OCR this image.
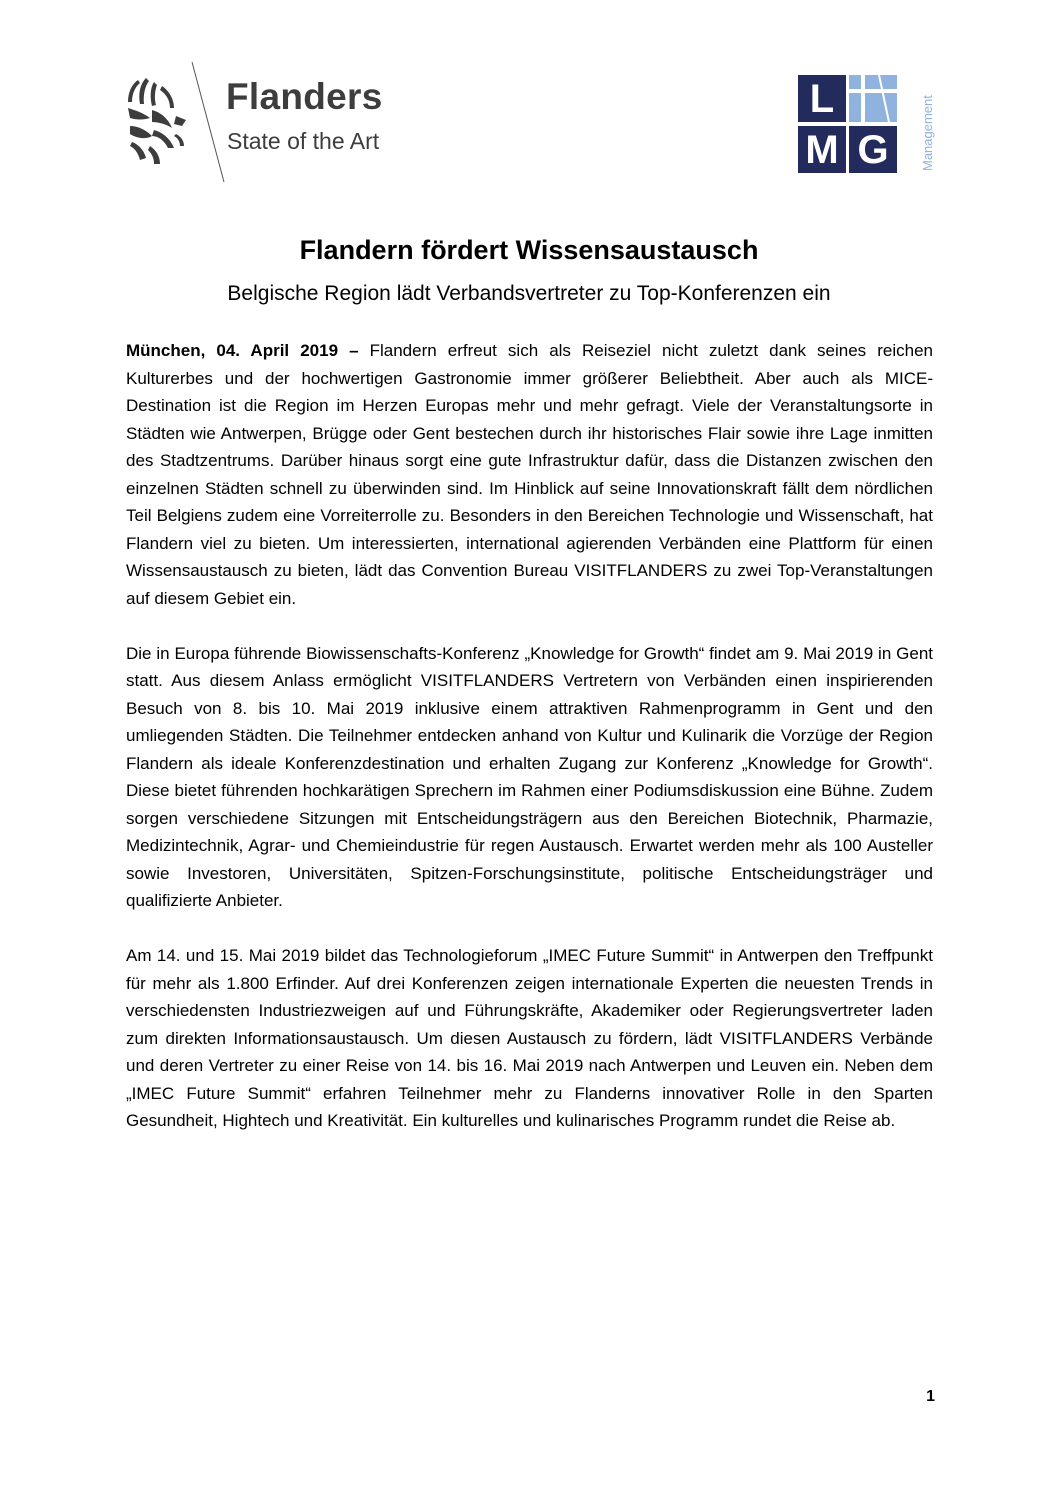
Flanders
State of the Art
L
M G	Management
Flandern fördert Wissensaustausch
Belgische Region lädt Verbandsvertreter zu Top-Konferenzen ein

München, 04. April 2019 – Flandern erfreut sich als Reiseziel nicht zuletzt dank seines reichen Kulturerbes und der hochwertigen Gastronomie immer größerer Beliebtheit. Aber auch als MICE-Destination ist die Region im Herzen Europas mehr und mehr gefragt. Viele der Veranstaltungsorte in Städten wie Antwerpen, Brügge oder Gent bestechen durch ihr historisches Flair sowie ihre Lage inmitten des Stadtzentrums. Darüber hinaus sorgt eine gute Infrastruktur dafür, dass die Distanzen zwischen den einzelnen Städten schnell zu überwinden sind. Im Hinblick auf seine Innovationskraft fällt dem nördlichen Teil Belgiens zudem eine Vorreiterrolle zu. Besonders in den Bereichen Technologie und Wissenschaft, hat Flandern viel zu bieten. Um interessierten, international agierenden Verbänden eine Plattform für einen Wissensaustausch zu bieten, lädt das Convention Bureau VISITFLANDERS zu zwei Top-Veranstaltungen auf diesem Gebiet ein.

Die in Europa führende Biowissenschafts-Konferenz „Knowledge for Growth“ findet am 9. Mai 2019 in Gent statt. Aus diesem Anlass ermöglicht VISITFLANDERS Vertretern von Verbänden einen inspirierenden Besuch von 8. bis 10. Mai 2019 inklusive einem attraktiven Rahmenprogramm in Gent und den umliegenden Städten. Die Teilnehmer entdecken anhand von Kultur und Kulinarik die Vorzüge der Region Flandern als ideale Konferenzdestination und erhalten Zugang zur Konferenz „Knowledge for Growth“. Diese bietet führenden hochkarätigen Sprechern im Rahmen einer Podiumsdiskussion eine Bühne. Zudem sorgen verschiedene Sitzungen mit Entscheidungsträgern aus den Bereichen Biotechnik, Pharmazie, Medizintechnik, Agrar- und Chemieindustrie für regen Austausch. Erwartet werden mehr als 100 Austeller sowie Investoren, Universitäten, Spitzen-Forschungsinstitute, politische Entscheidungsträger und qualifizierte Anbieter.

Am 14. und 15. Mai 2019 bildet das Technologieforum „IMEC Future Summit“ in Antwerpen den Treffpunkt für mehr als 1.800 Erfinder. Auf drei Konferenzen zeigen internationale Experten die neuesten Trends in verschiedensten Industriezweigen auf und Führungskräfte, Akademiker oder Regierungsvertreter laden zum direkten Informationsaustausch. Um diesen Austausch zu fördern, lädt VISITFLANDERS Verbände und deren Vertreter zu einer Reise von 14. bis 16. Mai 2019 nach Antwerpen und Leuven ein. Neben dem „IMEC Future Summit“ erfahren Teilnehmer mehr zu Flanderns innovativer Rolle in den Sparten Gesundheit, Hightech und Kreativität. Ein kulturelles und kulinarisches Programm rundet die Reise ab.

1
